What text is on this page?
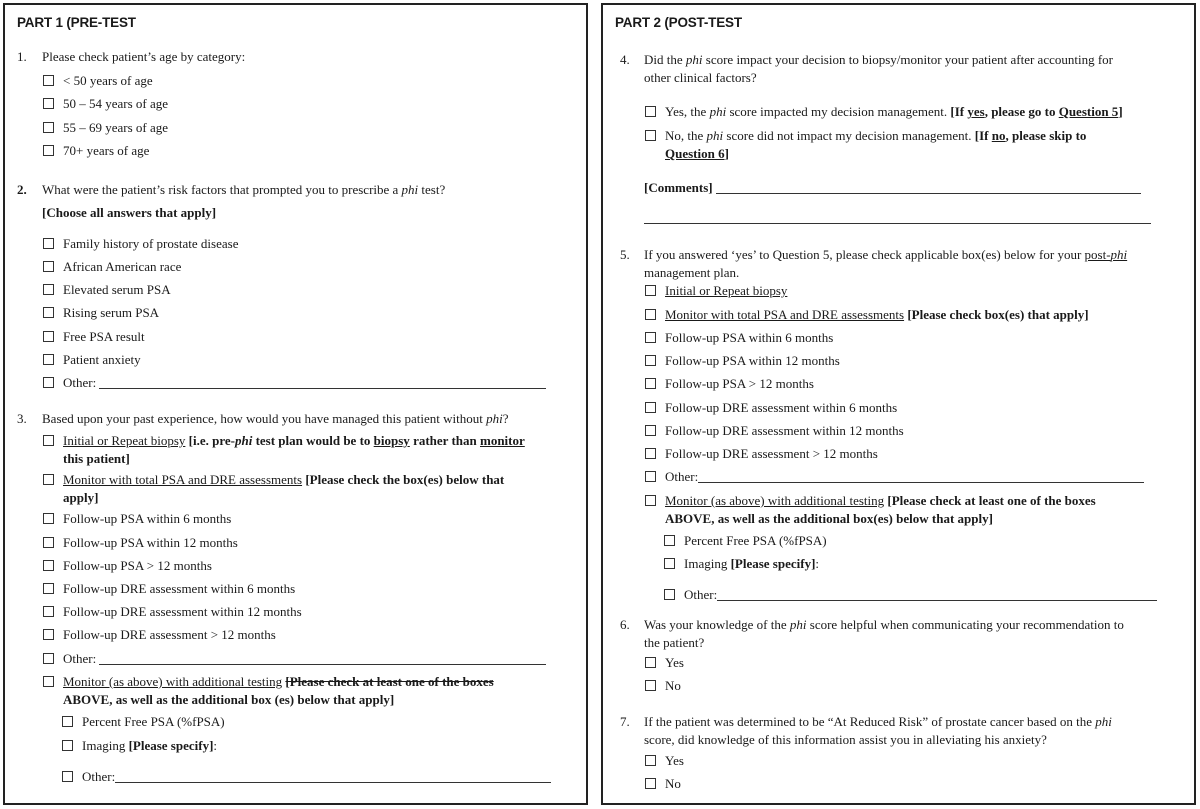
PART 1 (PRE-TEST
1. Please check patient’s age by category:
< 50 years of age
50 – 54 years of age
55 – 69 years of age
70+ years of age
2. What were the patient’s risk factors that prompted you to prescribe a phi test?
[Choose all answers that apply]
Family history of prostate disease
African American race
Elevated serum PSA
Rising serum PSA
Free PSA result
Patient anxiety
Other:
3. Based upon your past experience, how would you have managed this patient without phi?
Initial or Repeat biopsy [i.e. pre-phi test plan would be to biopsy rather than monitor
this patient]
Monitor with total PSA and DRE assessments [Please check the box(es) below that
apply]
Follow-up PSA within 6 months
Follow-up PSA within 12 months
Follow-up PSA > 12 months
Follow-up DRE assessment within 6 months
Follow-up DRE assessment within 12 months
Follow-up DRE assessment > 12 months
Other:
Monitor (as above) with additional testing [Please check at least one of the boxes
ABOVE, as well as the additional box (es) below that apply]
Percent Free PSA (%fPSA)
Imaging [Please specify]:
Other:
PART 2 (POST-TEST
4. Did the phi score impact your decision to biopsy/monitor your patient after accounting for
other clinical factors?
Yes, the phi score impacted my decision management. [If yes, please go to Question 5]
No, the phi score did not impact my decision management. [If no, please skip to
Question 6]
[Comments]
5. If you answered ‘yes’ to Question 5, please check applicable box(es) below for your post-phi
management plan.
Initial or Repeat biopsy
Monitor with total PSA and DRE assessments [Please check box(es) that apply]
Follow-up PSA within 6 months
Follow-up PSA within 12 months
Follow-up PSA > 12 months
Follow-up DRE assessment within 6 months
Follow-up DRE assessment within 12 months
Follow-up DRE assessment > 12 months
Other:
Monitor (as above) with additional testing [Please check at least one of the boxes
ABOVE, as well as the additional box(es) below that apply]
Percent Free PSA (%fPSA)
Imaging [Please specify]:
Other:
6. Was your knowledge of the phi score helpful when communicating your recommendation to
the patient?
Yes
No
7. If the patient was determined to be “At Reduced Risk” of prostate cancer based on the phi
score, did knowledge of this information assist you in alleviating his anxiety?
Yes
No
